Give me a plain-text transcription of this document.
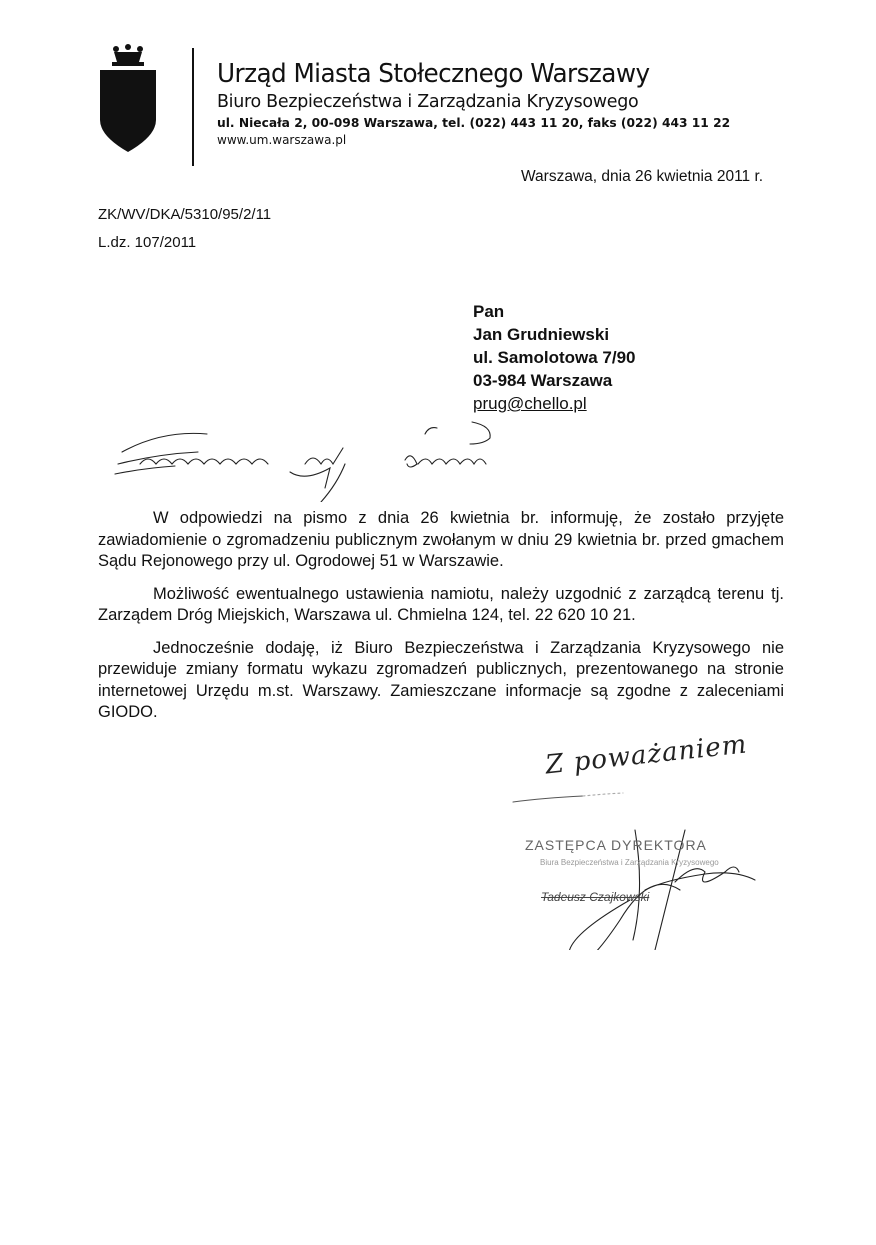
Urząd Miasta Stołecznego Warszawy
Biuro Bezpieczeństwa i Zarządzania Kryzysowego
ul. Niecała 2, 00-098 Warszawa, tel. (022) 443 11 20, faks (022) 443 11 22
www.um.warszawa.pl
Warszawa, dnia 26 kwietnia 2011 r.
ZK/WV/DKA/5310/95/2/11
L.dz. 107/2011
Pan
Jan Grudniewski
ul. Samolotowa 7/90
03-984 Warszawa
prug@chello.pl

W odpowiedzi na pismo z dnia 26 kwietnia br. informuję, że zostało przyjęte zawiadomienie o zgromadzeniu publicznym zwołanym w dniu 29 kwietnia br. przed gmachem Sądu Rejonowego przy ul. Ogrodowej 51 w Warszawie.

Możliwość ewentualnego ustawienia namiotu, należy uzgodnić z zarządcą terenu tj. Zarządem Dróg Miejskich, Warszawa ul. Chmielna 124, tel. 22 620 10 21.

Jednocześnie dodaję, iż Biuro Bezpieczeństwa i Zarządzania Kryzysowego nie przewiduje zmiany formatu wykazu zgromadzeń publicznych, prezentowanego na stronie internetowej Urzędu m.st. Warszawy. Zamieszczane informacje są zgodne z zaleceniami GIODO.

Z poważaniem
ZASTĘPCA DYREKTORA
Biura Bezpieczeństwa i Zarządzania Kryzysowego
Tadeusz Czajkowski
